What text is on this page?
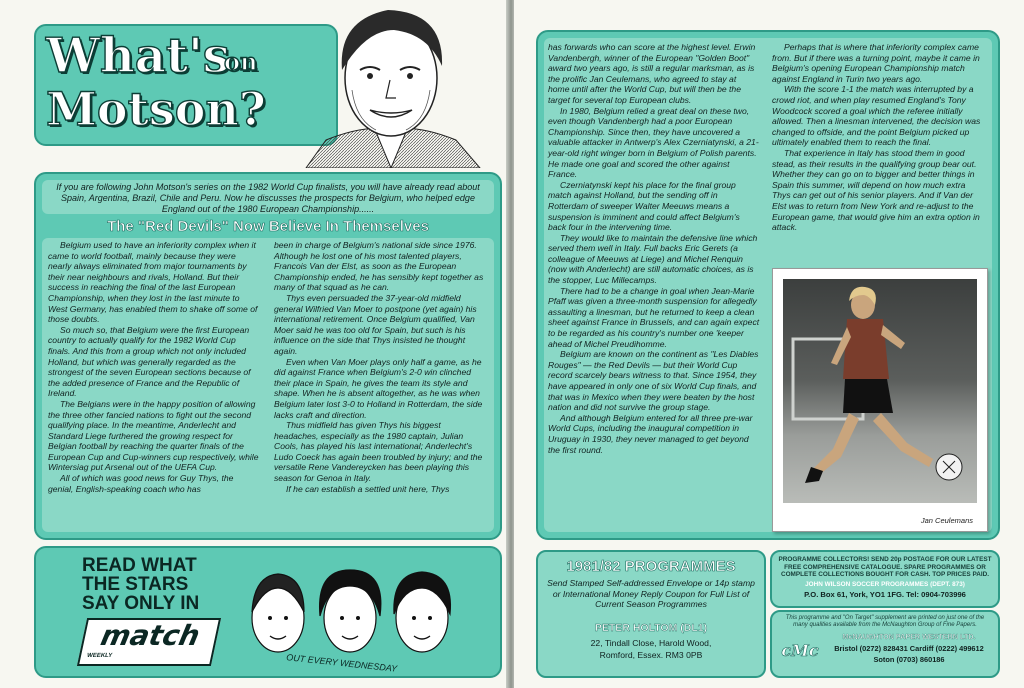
What's
on
Motson?
If you are following John Motson's series on the 1982 World Cup finalists, you will have already read about Spain, Argentina, Brazil, Chile and Peru. Now he discusses the prospects for Belgium, who helped edge England out of the 1980 European Championship......
The "Red Devils" Now Believe In Themselves

Belgium used to have an inferiority complex when it came to world football, mainly because they were nearly always eliminated from major tournaments by their near neighbours and rivals, Holland. But their success in reaching the final of the last European Championship, when they lost in the last minute to West Germany, has enabled them to shake off some of those doubts.

So much so, that Belgium were the first European country to actually qualify for the 1982 World Cup finals. And this from a group which not only included Holland, but which was generally regarded as the strongest of the seven European sections because of the added presence of France and the Republic of Ireland.

The Belgians were in the happy position of allowing the three other fancied nations to fight out the second qualifying place. In the meantime, Anderlecht and Standard Liege furthered the growing respect for Belgian football by reaching the quarter finals of the European Cup and Cup-winners cup respectively, while Wintersiag put Arsenal out of the UEFA Cup.

All of which was good news for Guy Thys, the genial, English-speaking coach who has

been in charge of Belgium's national side since 1976. Although he lost one of his most talented players, Francois Van der Elst, as soon as the European Championship ended, he has sensibly kept together as many of that squad as he can.

Thys even persuaded the 37-year-old midfield general Wilfried Van Moer to postpone (yet again) his international retirement. Once Belgium qualified, Van Moer said he was too old for Spain, but such is his influence on the side that Thys insisted he thought again.

Even when Van Moer plays only half a game, as he did against France when Belgium's 2-0 win clinched their place in Spain, he gives the team its style and shape. When he is absent altogether, as he was when Belgium later lost 3-0 to Holland in Rotterdam, the side lacks craft and direction.

Thus midfield has given Thys his biggest headaches, especially as the 1980 captain, Julian Cools, has played his last international; Anderlecht's Ludo Coeck has again been troubled by injury; and the versatile Rene Vandereycken has been playing this season for Genoa in Italy.

If he can establish a settled unit here, Thys

READ WHAT
THE STARS
SAY ONLY IN
match
WEEKLY	OUT EVERY WEDNESDAY

has forwards who can score at the highest level. Erwin Vandenbergh, winner of the European "Golden Boot" award two years ago, is still a regular marksman, as is the prolific Jan Ceulemans, who agreed to stay at home until after the World Cup, but will then be the target for several top European clubs.

In 1980, Belgium relied a great deal on these two, even though Vandenbergh had a poor European Championship. Since then, they have uncovered a valuable attacker in Antwerp's Alex Czerniatynski, a 21-year-old right winger born in Belgium of Polish parents. He made one goal and scored the other against France.

Czerniatynski kept his place for the final group match against Holland, but the sending off in Rotterdam of sweeper Walter Meeuws means a suspension is imminent and could affect Belgium's back four in the intervening time.

They would like to maintain the defensive line which served them well in Italy. Full backs Eric Gerets (a colleague of Meeuws at Liege) and Michel Renquin (now with Anderlecht) are still automatic choices, as is the stopper, Luc Millecamps.

There had to be a change in goal when Jean-Marie Pfaff was given a three-month suspension for allegedly assaulting a linesman, but he returned to keep a clean sheet against France in Brussels, and can again expect to be regarded as his country's number one 'keeper ahead of Michel Preudihomme.

Belgium are known on the continent as "Les Diables Rouges" — the Red Devils — but their World Cup record scarcely bears witness to that. Since 1954, they have appeared in only one of six World Cup finals, and that was in Mexico when they were beaten by the host nation and did not survive the group stage.

And although Belgium entered for all three pre-war World Cups, including the inaugural competition in Uruguay in 1930, they never managed to get beyond the first round.

Perhaps that is where that inferiority complex came from. But if there was a turning point, maybe it came in Belgium's opening European Championship match against England in Turin two years ago.

With the score 1-1 the match was interrupted by a crowd riot, and when play resumed England's Tony Woodcock scored a goal which the referee initially allowed. Then a linesman intervened, the decision was changed to offside, and the point Belgium picked up ultimately enabled them to reach the final.

That experience in Italy has stood them in good stead, as their results in the qualifying group bear out. Whether they can go on to bigger and better things in Spain this summer, will depend on how much extra Thys can get out of his senior players. And if Van der Elst was to return from New York and re-adjust to the European game, that would give him an extra option in attack.

Jan Ceulemans
1981/82 PROGRAMMES
Send Stamped Self-addressed Envelope or 14p stamp or International Money Reply Coupon for Full List of Current Season Programmes
PETER HOLTOM (DL1)
22, Tindall Close, Harold Wood,
Romford, Essex. RM3 0PB
PROGRAMME COLLECTORS! SEND 20p POSTAGE FOR OUR LATEST FREE COMPREHENSIVE CATALOGUE. SPARE PROGRAMMES OR COMPLETE COLLECTIONS BOUGHT FOR CASH. TOP PRICES PAID.
JOHN WILSON SOCCER PROGRAMMES (DEPT. 873)
P.O. Box 61, York, YO1 1FG. Tel: 0904-703996
This programme and "On Target" supplement are printed on just one of the many qualities available from the McNaughton Group of Fine Papers.
cMc
McNAUGHTON PAPER WESTERN LTD.
Bristol (0272) 828431 Cardiff (0222) 499612
Soton (0703) 860186
